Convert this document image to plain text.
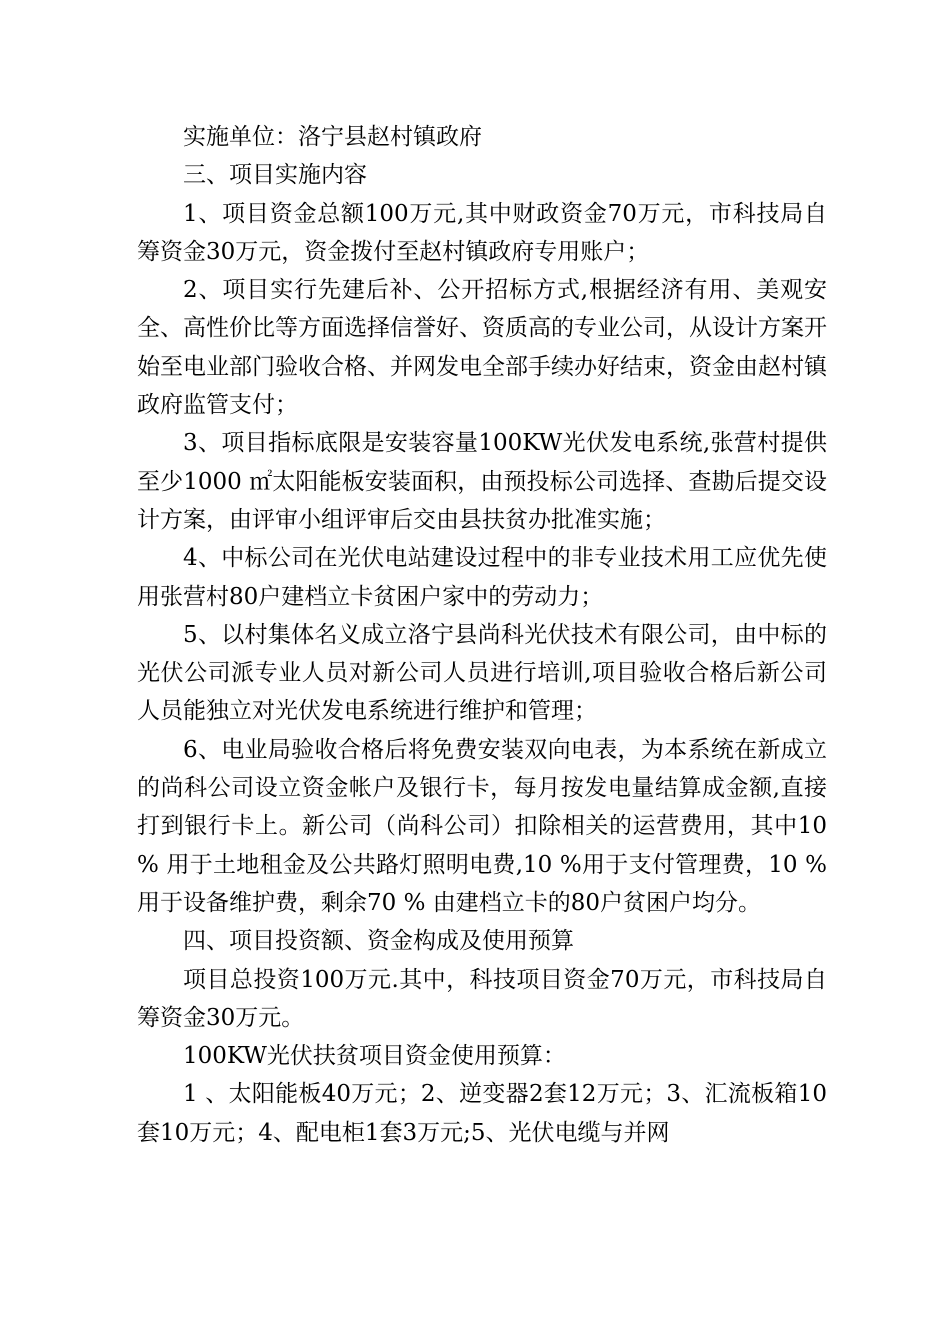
实施单位：洛宁县赵村镇政府

三、项目实施内容

1、项目资金总额100万元,其中财政资金70万元，市科技局自筹资金30万元，资金拨付至赵村镇政府专用账户；

2、项目实行先建后补、公开招标方式,根据经济有用、美观安全、高性价比等方面选择信誉好、资质高的专业公司，从设计方案开始至电业部门验收合格、并网发电全部手续办好结束，资金由赵村镇政府监管支付；

3、项目指标底限是安装容量100KW光伏发电系统,张营村提供至少1000 ㎡太阳能板安装面积，由预投标公司选择、查勘后提交设计方案，由评审小组评审后交由县扶贫办批准实施；

4、中标公司在光伏电站建设过程中的非专业技术用工应优先使用张营村80户建档立卡贫困户家中的劳动力；

5、以村集体名义成立洛宁县尚科光伏技术有限公司，由中标的光伏公司派专业人员对新公司人员进行培训,项目验收合格后新公司人员能独立对光伏发电系统进行维护和管理；

6、电业局验收合格后将免费安装双向电表，为本系统在新成立的尚科公司设立资金帐户及银行卡，每月按发电量结算成金额,直接打到银行卡上。新公司（尚科公司）扣除相关的运营费用，其中10 % 用于土地租金及公共路灯照明电费,10 %用于支付管理费，10 % 用于设备维护费，剩余70 % 由建档立卡的80户贫困户均分。

四、项目投资额、资金构成及使用预算

项目总投资100万元.其中，科技项目资金70万元，市科技局自筹资金30万元。

100KW光伏扶贫项目资金使用预算：

1 、太阳能板40万元；2、逆变器2套12万元；3、汇流板箱10套10万元；4、配电柜1套3万元;5、光伏电缆与并网
